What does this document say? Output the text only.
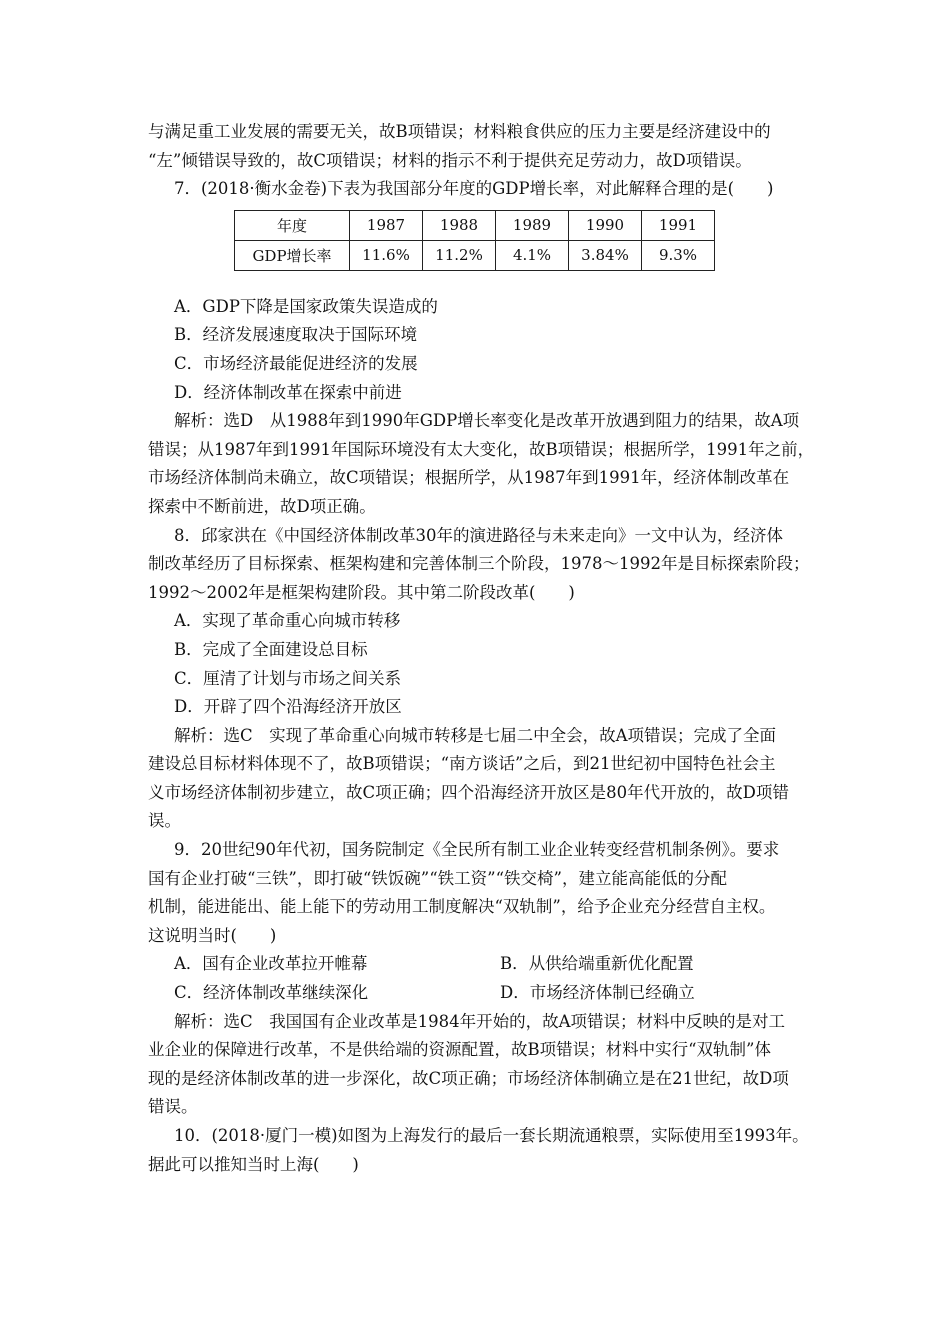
与满足重工业发展的需要无关，故B项错误；材料粮食供应的压力主要是经济建设中的
“左”倾错误导致的，故C项错误；材料的指示不利于提供充足劳动力，故D项错误。
7．(2018·衡水金卷)下表为我国部分年度的GDP增长率，对此解释合理的是(　　)
年度	1987	1988	1989	1990	1991
GDP增长率	11.6%	11.2%	4.1%	3.84%	9.3%
A．GDP下降是国家政策失误造成的
B．经济发展速度取决于国际环境
C．市场经济最能促进经济的发展
D．经济体制改革在探索中前进
解析：选D　从1988年到1990年GDP增长率变化是改革开放遇到阻力的结果，故A项
错误；从1987年到1991年国际环境没有太大变化，故B项错误；根据所学，1991年之前，
市场经济体制尚未确立，故C项错误；根据所学，从1987年到1991年，经济体制改革在
探索中不断前进，故D项正确。
8．邱家洪在《中国经济体制改革30年的演进路径与未来走向》一文中认为，经济体
制改革经历了目标探索、框架构建和完善体制三个阶段，1978～1992年是目标探索阶段；
1992～2002年是框架构建阶段。其中第二阶段改革(　　)
A．实现了革命重心向城市转移
B．完成了全面建设总目标
C．厘清了计划与市场之间关系
D．开辟了四个沿海经济开放区
解析：选C　实现了革命重心向城市转移是七届二中全会，故A项错误；完成了全面
建设总目标材料体现不了，故B项错误；“南方谈话”之后，到21世纪初中国特色社会主
义市场经济体制初步建立，故C项正确；四个沿海经济开放区是80年代开放的，故D项错
误。
9．20世纪90年代初，国务院制定《全民所有制工业企业转变经营机制条例》。要求
国有企业打破“三铁”，即打破“铁饭碗”“铁工资”“铁交椅”，建立能高能低的分配
机制，能进能出、能上能下的劳动用工制度解决“双轨制”，给予企业充分经营自主权。
这说明当时(　　)
A．国有企业改革拉开帷幕	B．从供给端重新优化配置
C．经济体制改革继续深化	D．市场经济体制已经确立
解析：选C　我国国有企业改革是1984年开始的，故A项错误；材料中反映的是对工
业企业的保障进行改革，不是供给端的资源配置，故B项错误；材料中实行“双轨制”体
现的是经济体制改革的进一步深化，故C项正确；市场经济体制确立是在21世纪，故D项
错误。
10．(2018·厦门一模)如图为上海发行的最后一套长期流通粮票，实际使用至1993年。
据此可以推知当时上海(　　)
